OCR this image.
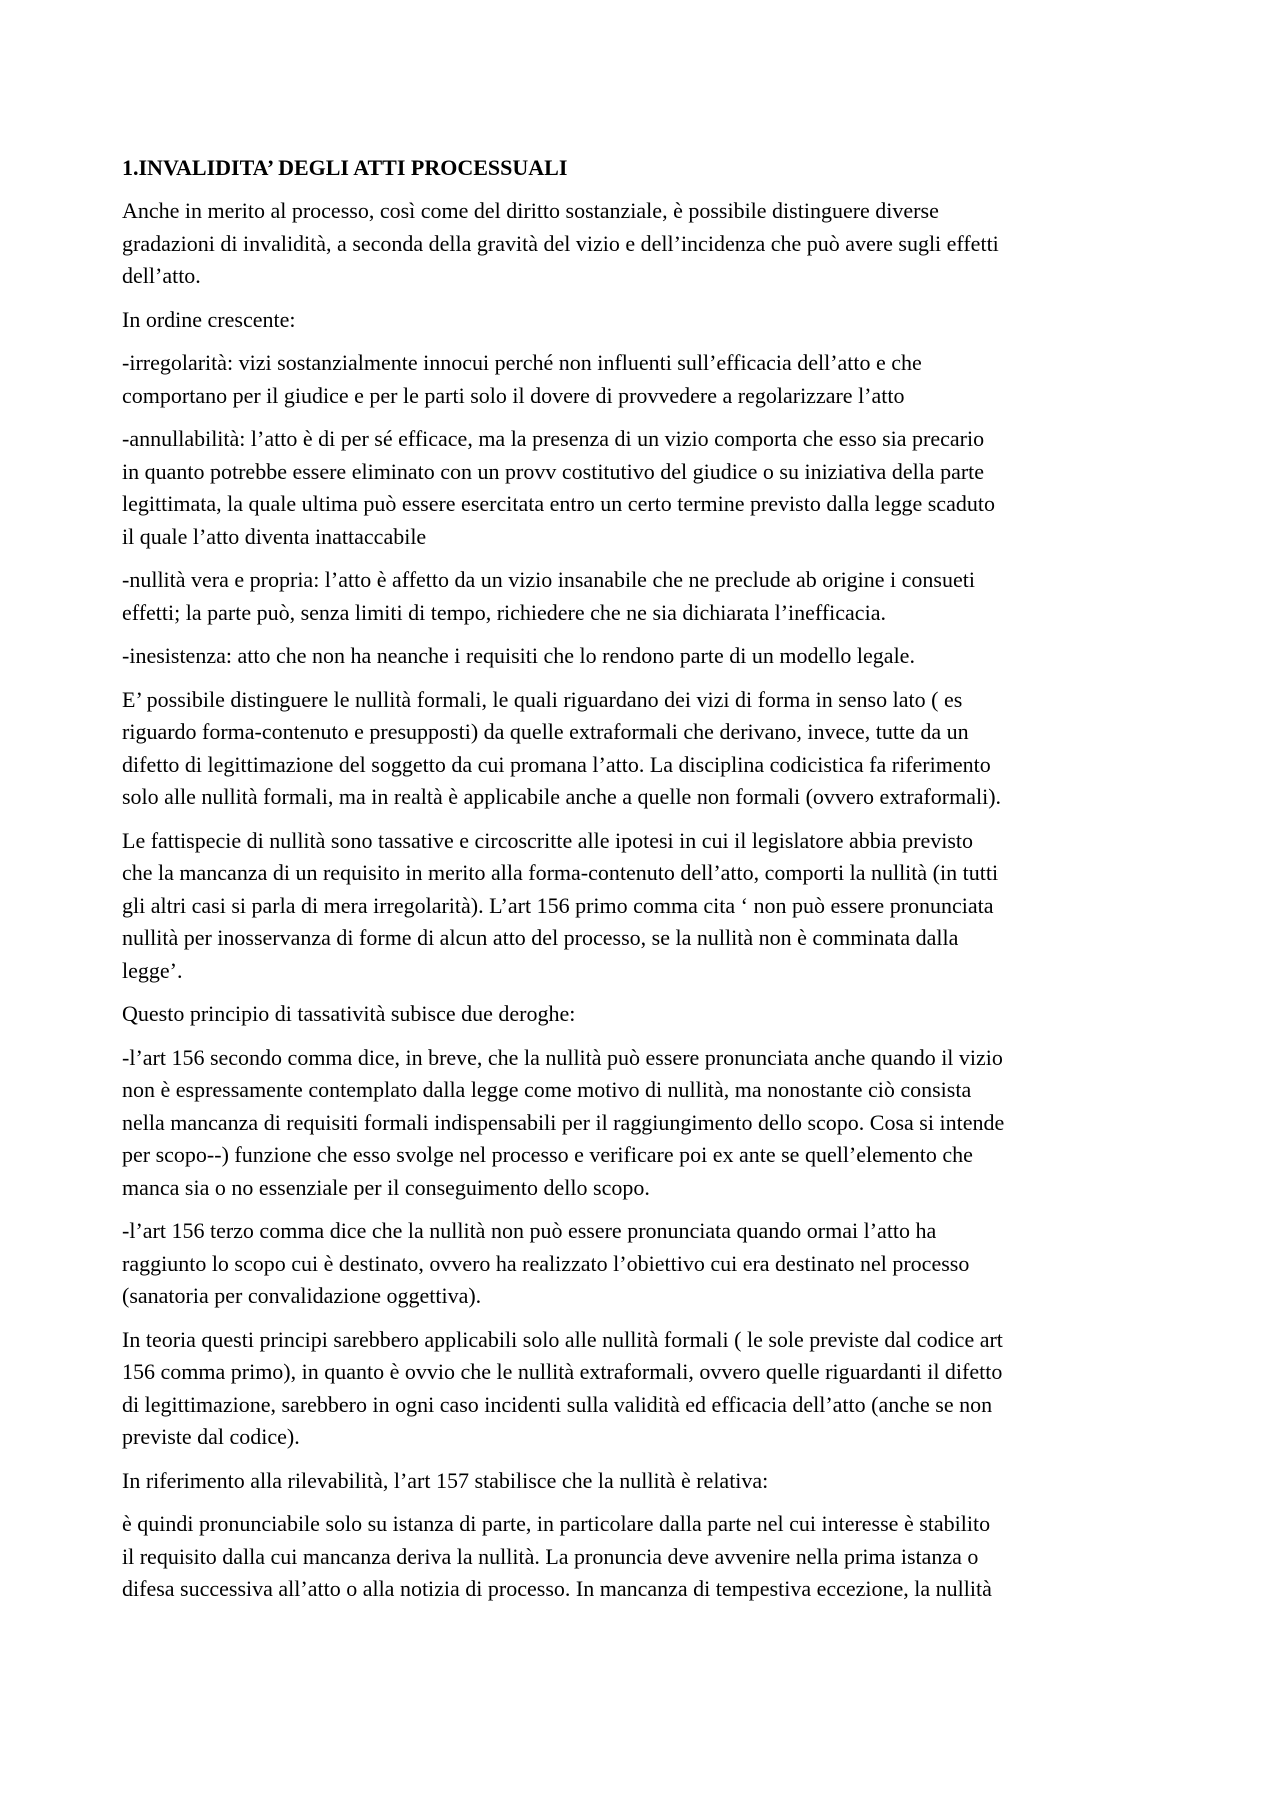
1.INVALIDITA’ DEGLI ATTI PROCESSUALI
Anche in merito al processo, così come del diritto sostanziale, è possibile distinguere diverse
gradazioni di invalidità, a seconda della gravità del vizio e dell’incidenza che può avere sugli effetti
dell’atto.
In ordine crescente:
-irregolarità: vizi sostanzialmente innocui perché non influenti sull’efficacia dell’atto e che
comportano per il giudice e per le parti solo il dovere di provvedere a regolarizzare l’atto
-annullabilità: l’atto è di per sé efficace, ma la presenza di un vizio comporta che esso sia precario
in quanto potrebbe essere eliminato con un provv costitutivo del giudice o su iniziativa della parte
legittimata, la quale ultima può essere esercitata entro un certo termine previsto dalla legge scaduto
il quale l’atto diventa inattaccabile
-nullità vera e propria: l’atto è affetto da un vizio insanabile che ne preclude ab origine i consueti
effetti; la parte può, senza limiti di tempo, richiedere che ne sia dichiarata l’inefficacia.
-inesistenza: atto che non ha neanche i requisiti che lo rendono parte di un modello legale.
E’ possibile distinguere le nullità formali, le quali riguardano dei vizi di forma in senso lato ( es
riguardo forma-contenuto e presupposti) da quelle extraformali che derivano, invece, tutte da un
difetto di legittimazione del soggetto da cui promana l’atto. La disciplina codicistica fa riferimento
solo alle nullità formali, ma in realtà è applicabile anche a quelle non formali (ovvero extraformali).
Le fattispecie di nullità sono tassative e circoscritte alle ipotesi in cui il legislatore abbia previsto
che la mancanza di un requisito in merito alla forma-contenuto dell’atto, comporti la nullità (in tutti
gli altri casi si parla di mera irregolarità). L’art 156 primo comma cita ‘ non può essere pronunciata
nullità per inosservanza di forme di alcun atto del processo, se la nullità non è comminata dalla
legge’.
Questo principio di tassatività subisce due deroghe:
-l’art 156 secondo comma dice, in breve, che la nullità può essere pronunciata anche quando il vizio
non è espressamente contemplato dalla legge come motivo di nullità, ma nonostante ciò consista
nella mancanza di requisiti formali indispensabili per il raggiungimento dello scopo. Cosa si intende
per scopo--) funzione che esso svolge nel processo e verificare poi ex ante se quell’elemento che
manca sia o no essenziale per il conseguimento dello scopo.
-l’art 156 terzo comma dice che la nullità non può essere pronunciata quando ormai l’atto ha
raggiunto lo scopo cui è destinato, ovvero ha realizzato l’obiettivo cui era destinato nel processo
(sanatoria per convalidazione oggettiva).
In teoria questi principi sarebbero applicabili solo alle nullità formali ( le sole previste dal codice art
156 comma primo), in quanto è ovvio che le nullità extraformali, ovvero quelle riguardanti il difetto
di legittimazione, sarebbero in ogni caso incidenti sulla validità ed efficacia dell’atto (anche se non
previste dal codice).
In riferimento alla rilevabilità, l’art 157 stabilisce che la nullità è relativa:
è quindi pronunciabile solo su istanza di parte, in particolare dalla parte nel cui interesse è stabilito
il requisito dalla cui mancanza deriva la nullità. La pronuncia deve avvenire nella prima istanza o
difesa successiva all’atto o alla notizia di processo. In mancanza di tempestiva eccezione, la nullità
